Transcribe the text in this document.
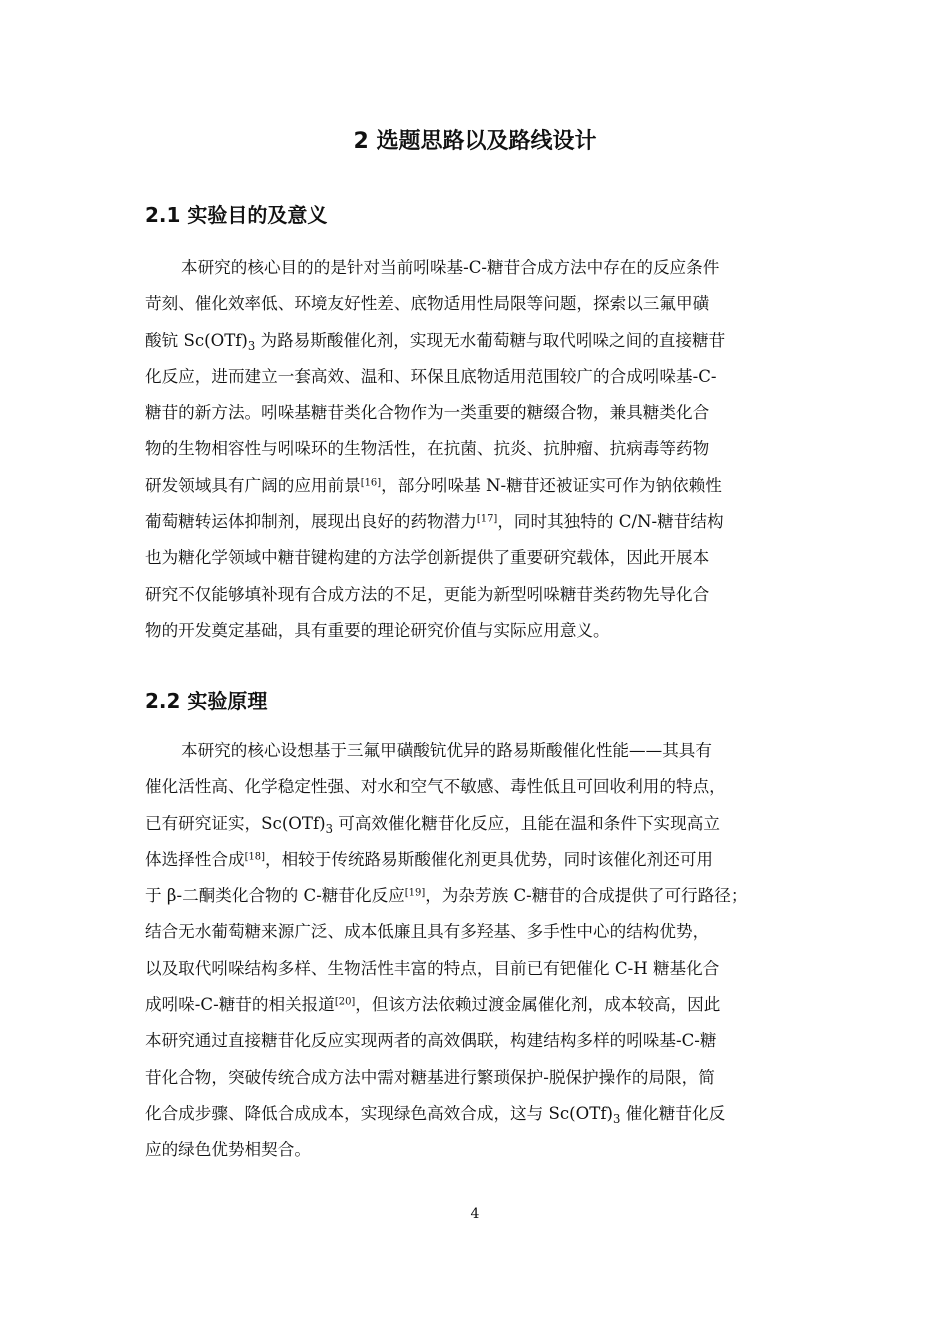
2 选题思路以及路线设计
2.1 实验目的及意义

本研究的核心目的的是针对当前吲哚基-C-糖苷合成方法中存在的反应条件
苛刻、催化效率低、环境友好性差、底物适用性局限等问题，探索以三氟甲磺
酸钪 $Sc(OTf)_3$ 为路易斯酸催化剂，实现无水葡萄糖与取代吲哚之间的直接糖苷
化反应，进而建立一套高效、温和、环保且底物适用范围较广的合成吲哚基-C-
糖苷的新方法。吲哚基糖苷类化合物作为一类重要的糖缀合物，兼具糖类化合
物的生物相容性与吲哚环的生物活性，在抗菌、抗炎、抗肿瘤、抗病毒等药物
研发领域具有广阔的应用前景[16]，部分吲哚基 N-糖苷还被证实可作为钠依赖性
葡萄糖转运体抑制剂，展现出良好的药物潜力[17]，同时其独特的 C/N-糖苷结构
也为糖化学领域中糖苷键构建的方法学创新提供了重要研究载体，因此开展本
研究不仅能够填补现有合成方法的不足，更能为新型吲哚糖苷类药物先导化合
物的开发奠定基础，具有重要的理论研究价值与实际应用意义。

2.2 实验原理

本研究的核心设想基于三氟甲磺酸钪优异的路易斯酸催化性能——其具有
催化活性高、化学稳定性强、对水和空气不敏感、毒性低且可回收利用的特点，
已有研究证实，$Sc(OTf)_3$ 可高效催化糖苷化反应，且能在温和条件下实现高立
体选择性合成[18]，相较于传统路易斯酸催化剂更具优势，同时该催化剂还可用
于 β-二酮类化合物的 C-糖苷化反应[19]，为杂芳族 C-糖苷的合成提供了可行路径；
结合无水葡萄糖来源广泛、成本低廉且具有多羟基、多手性中心的结构优势，
以及取代吲哚结构多样、生物活性丰富的特点，目前已有钯催化 C-H 糖基化合
成吲哚-C-糖苷的相关报道[20]，但该方法依赖过渡金属催化剂，成本较高，因此
本研究通过直接糖苷化反应实现两者的高效偶联，构建结构多样的吲哚基-C-糖
苷化合物，突破传统合成方法中需对糖基进行繁琐保护-脱保护操作的局限，简
化合成步骤、降低合成成本，实现绿色高效合成，这与 $Sc(OTf)_3$ 催化糖苷化反
应的绿色优势相契合。

4
